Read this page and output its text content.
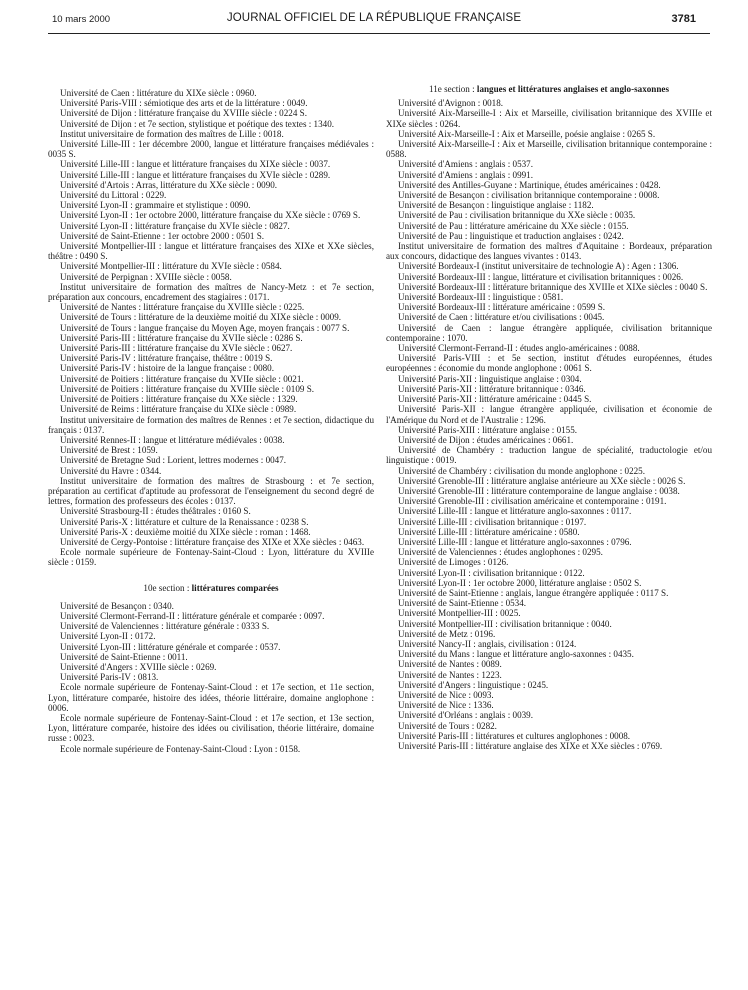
10 mars 2000	JOURNAL OFFICIEL DE LA RÉPUBLIQUE FRANÇAISE	3781

Université de Caen : littérature du XIXe siècle : 0960.

Université Paris-VIII : sémiotique des arts et de la littérature : 0049.

Université de Dijon : littérature française du XVIIIe siècle : 0224 S.

Université de Dijon : et 7e section, stylistique et poétique des textes : 1340.

Institut universitaire de formation des maîtres de Lille : 0018.

Université Lille-III : 1er décembre 2000, langue et littérature françaises médiévales : 0035 S.

Université Lille-III : langue et littérature françaises du XIXe siècle : 0037.

Université Lille-III : langue et littérature françaises du XVIe siècle : 0289.

Université d'Artois : Arras, littérature du XXe siècle : 0090.

Université du Littoral : 0229.

Université Lyon-II : grammaire et stylistique : 0090.

Université Lyon-II : 1er octobre 2000, littérature française du XXe siècle : 0769 S.

Université Lyon-II : littérature française du XVIe siècle : 0827.

Université de Saint-Etienne : 1er octobre 2000 : 0501 S.

Université Montpellier-III : langue et littérature françaises des XIXe et XXe siècles, théâtre : 0490 S.

Université Montpellier-III : littérature du XVIe siècle : 0584.

Université de Perpignan : XVIIIe siècle : 0058.

Institut universitaire de formation des maîtres de Nancy-Metz : et 7e section, préparation aux concours, encadrement des stagiaires : 0171.

Université de Nantes : littérature française du XVIIIe siècle : 0225.

Université de Tours : littérature de la deuxième moitié du XIXe siècle : 0009.

Université de Tours : langue française du Moyen Age, moyen français : 0077 S.

Université Paris-III : littérature française du XVIIe siècle : 0286 S.

Université Paris-III : littérature française du XVIe siècle : 0627.

Université Paris-IV : littérature française, théâtre : 0019 S.

Université Paris-IV : histoire de la langue française : 0080.

Université de Poitiers : littérature française du XVIIe siècle : 0021.

Université de Poitiers : littérature française du XVIIIe siècle : 0109 S.

Université de Poitiers : littérature française du XXe siècle : 1329.

Université de Reims : littérature française du XIXe siècle : 0989.

Institut universitaire de formation des maîtres de Rennes : et 7e section, didactique du français : 0137.

Université Rennes-II : langue et littérature médiévales : 0038.

Université de Brest : 1059.

Université de Bretagne Sud : Lorient, lettres modernes : 0047.

Université du Havre : 0344.

Institut universitaire de formation des maîtres de Strasbourg : et 7e section, préparation au certificat d'aptitude au professorat de l'enseignement du second degré de lettres, formation des professeurs des écoles : 0137.

Université Strasbourg-II : études théâtrales : 0160 S.

Université Paris-X : littérature et culture de la Renaissance : 0238 S.

Université Paris-X : deuxième moitié du XIXe siècle : roman : 1468.

Université de Cergy-Pontoise : littérature française des XIXe et XXe siècles : 0463.

Ecole normale supérieure de Fontenay-Saint-Cloud : Lyon, littérature du XVIIIe siècle : 0159.

10e section : littératures comparées

Université de Besançon : 0340.

Université Clermont-Ferrand-II : littérature générale et comparée : 0097.

Université de Valenciennes : littérature générale : 0333 S.

Université Lyon-II : 0172.

Université Lyon-III : littérature générale et comparée : 0537.

Université de Saint-Etienne : 0011.

Université d'Angers : XVIIIe siècle : 0269.

Université Paris-IV : 0813.

Ecole normale supérieure de Fontenay-Saint-Cloud : et 17e section, et 11e section, Lyon, littérature comparée, histoire des idées, théorie littéraire, domaine anglophone : 0006.

Ecole normale supérieure de Fontenay-Saint-Cloud : et 17e section, et 13e section, Lyon, littérature comparée, histoire des idées ou civilisation, théorie littéraire, domaine russe : 0023.

Ecole normale supérieure de Fontenay-Saint-Cloud : Lyon : 0158.

11e section : langues et littératures anglaises et anglo-saxonnes

Université d'Avignon : 0018.

Université Aix-Marseille-I : Aix et Marseille, civilisation britannique des XVIIIe et XIXe siècles : 0264.

Université Aix-Marseille-I : Aix et Marseille, poésie anglaise : 0265 S.

Université Aix-Marseille-I : Aix et Marseille, civilisation britannique contemporaine : 0588.

Université d'Amiens : anglais : 0537.

Université d'Amiens : anglais : 0991.

Université des Antilles-Guyane : Martinique, études américaines : 0428.

Université de Besançon : civilisation britannique contemporaine : 0008.

Université de Besançon : linguistique anglaise : 1182.

Université de Pau : civilisation britannique du XXe siècle : 0035.

Université de Pau : littérature américaine du XXe siècle : 0155.

Université de Pau : linguistique et traduction anglaises : 0242.

Institut universitaire de formation des maîtres d'Aquitaine : Bordeaux, préparation aux concours, didactique des langues vivantes : 0143.

Université Bordeaux-I (institut universitaire de technologie A) : Agen : 1306.

Université Bordeaux-III : langue, littérature et civilisation britanniques : 0026.

Université Bordeaux-III : littérature britannique des XVIIIe et XIXe siècles : 0040 S.

Université Bordeaux-III : linguistique : 0581.

Université Bordeaux-III : littérature américaine : 0599 S.

Université de Caen : littérature et/ou civilisations : 0045.

Université de Caen : langue étrangère appliquée, civilisation britannique contemporaine : 1070.

Université Clermont-Ferrand-II : études anglo-américaines : 0088.

Université Paris-VIII : et 5e section, institut d'études européennes, études européennes : économie du monde anglophone : 0061 S.

Université Paris-XII : linguistique anglaise : 0304.

Université Paris-XII : littérature britannique : 0346.

Université Paris-XII : littérature américaine : 0445 S.

Université Paris-XII : langue étrangère appliquée, civilisation et économie de l'Amérique du Nord et de l'Australie : 1296.

Université Paris-XIII : littérature anglaise : 0155.

Université de Dijon : études américaines : 0661.

Université de Chambéry : traduction langue de spécialité, traductologie et/ou linguistique : 0019.

Université de Chambéry : civilisation du monde anglophone : 0225.

Université Grenoble-III : littérature anglaise antérieure au XXe siècle : 0026 S.

Université Grenoble-III : littérature contemporaine de langue anglaise : 0038.

Université Grenoble-III : civilisation américaine et contemporaine : 0191.

Université Lille-III : langue et littérature anglo-saxonnes : 0117.

Université Lille-III : civilisation britannique : 0197.

Université Lille-III : littérature américaine : 0580.

Université Lille-III : langue et littérature anglo-saxonnes : 0796.

Université de Valenciennes : études anglophones : 0295.

Université de Limoges : 0126.

Université Lyon-II : civilisation britannique : 0122.

Université Lyon-II : 1er octobre 2000, littérature anglaise : 0502 S.

Université de Saint-Etienne : anglais, langue étrangère appliquée : 0117 S.

Université de Saint-Etienne : 0534.

Université Montpellier-III : 0025.

Université Montpellier-III : civilisation britannique : 0040.

Université de Metz : 0196.

Université Nancy-II : anglais, civilisation : 0124.

Université du Mans : langue et littérature anglo-saxonnes : 0435.

Université de Nantes : 0089.

Université de Nantes : 1223.

Université d'Angers : linguistique : 0245.

Université de Nice : 0093.

Université de Nice : 1336.

Université d'Orléans : anglais : 0039.

Université de Tours : 0282.

Université Paris-III : littératures et cultures anglophones : 0008.

Université Paris-III : littérature anglaise des XIXe et XXe siècles : 0769.
